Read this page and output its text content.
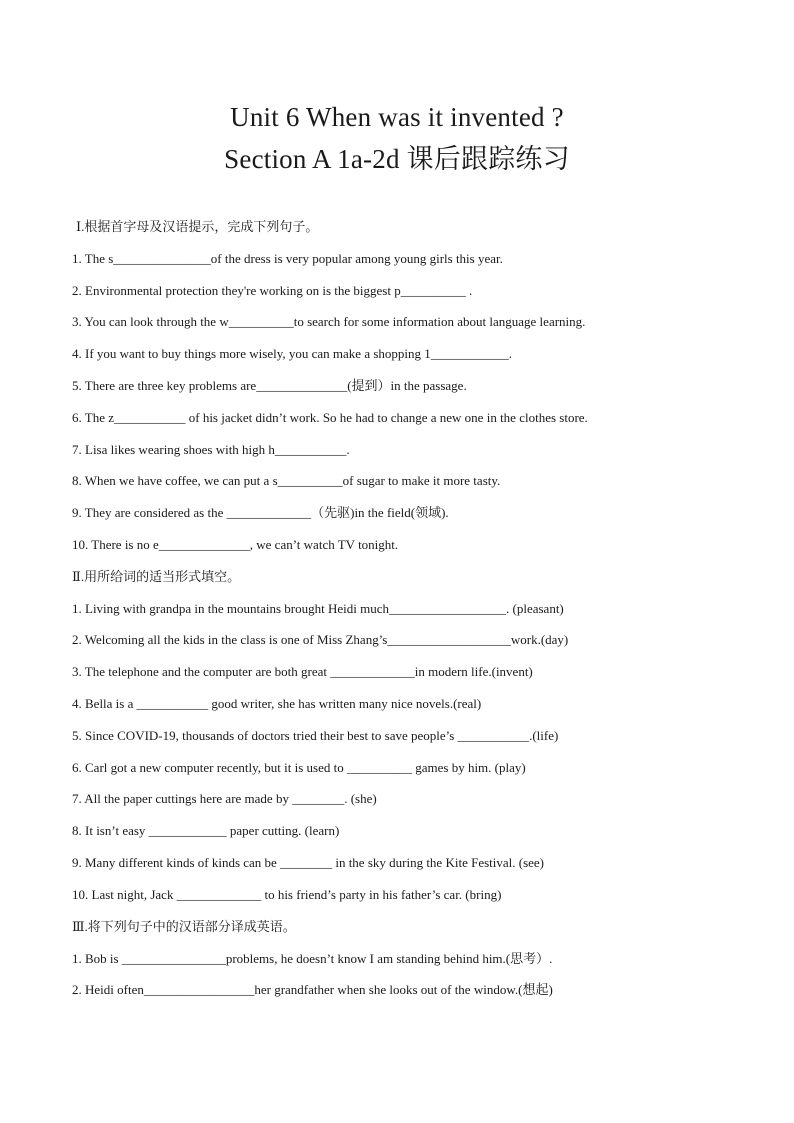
Unit 6 When was it invented ?
Section A 1a-2d 课后跟踪练习
Ⅰ.根据首字母及汉语提示，完成下列句子。
1. The s_______________of the dress is very popular among young girls this year.
2. Environmental protection they're working on is the biggest p__________ .
3. You can look through the w__________to search for some information about language learning.
4. If you want to buy things more wisely, you can make a shopping 1____________.
5. There are three key problems are______________(提到）in the passage.
6. The z___________ of his jacket didn’t work. So he had to change a new one in the clothes store.
7. Lisa likes wearing shoes with high h___________.
8. When we have coffee, we can put a s__________of sugar to make it more tasty.
9. They are considered as the _____________（先驱)in the field(领域).
10. There is no e______________, we can’t watch TV tonight.
Ⅱ.用所给词的适当形式填空。
1. Living with grandpa in the mountains brought Heidi much__________________. (pleasant)
2. Welcoming all the kids in the class is one of Miss Zhang’s___________________work.(day)
3. The telephone and the computer are both great _____________in modern life.(invent)
4. Bella is a ___________ good writer, she has written many nice novels.(real)
5. Since COVID-19, thousands of doctors tried their best to save people’s ___________.(life)
6. Carl got a new computer recently, but it is used to __________ games by him. (play)
7. All the paper cuttings here are made by ________. (she)
8. It isn’t easy ____________ paper cutting. (learn)
9. Many different kinds of kinds can be ________ in the sky during the Kite Festival. (see)
10. Last night, Jack _____________ to his friend’s party in his father’s car. (bring)
Ⅲ.将下列句子中的汉语部分译成英语。
1. Bob is ________________problems, he doesn’t know I am standing behind him.(思考）.
2. Heidi often_________________her grandfather when she looks out of the window.(想起)
